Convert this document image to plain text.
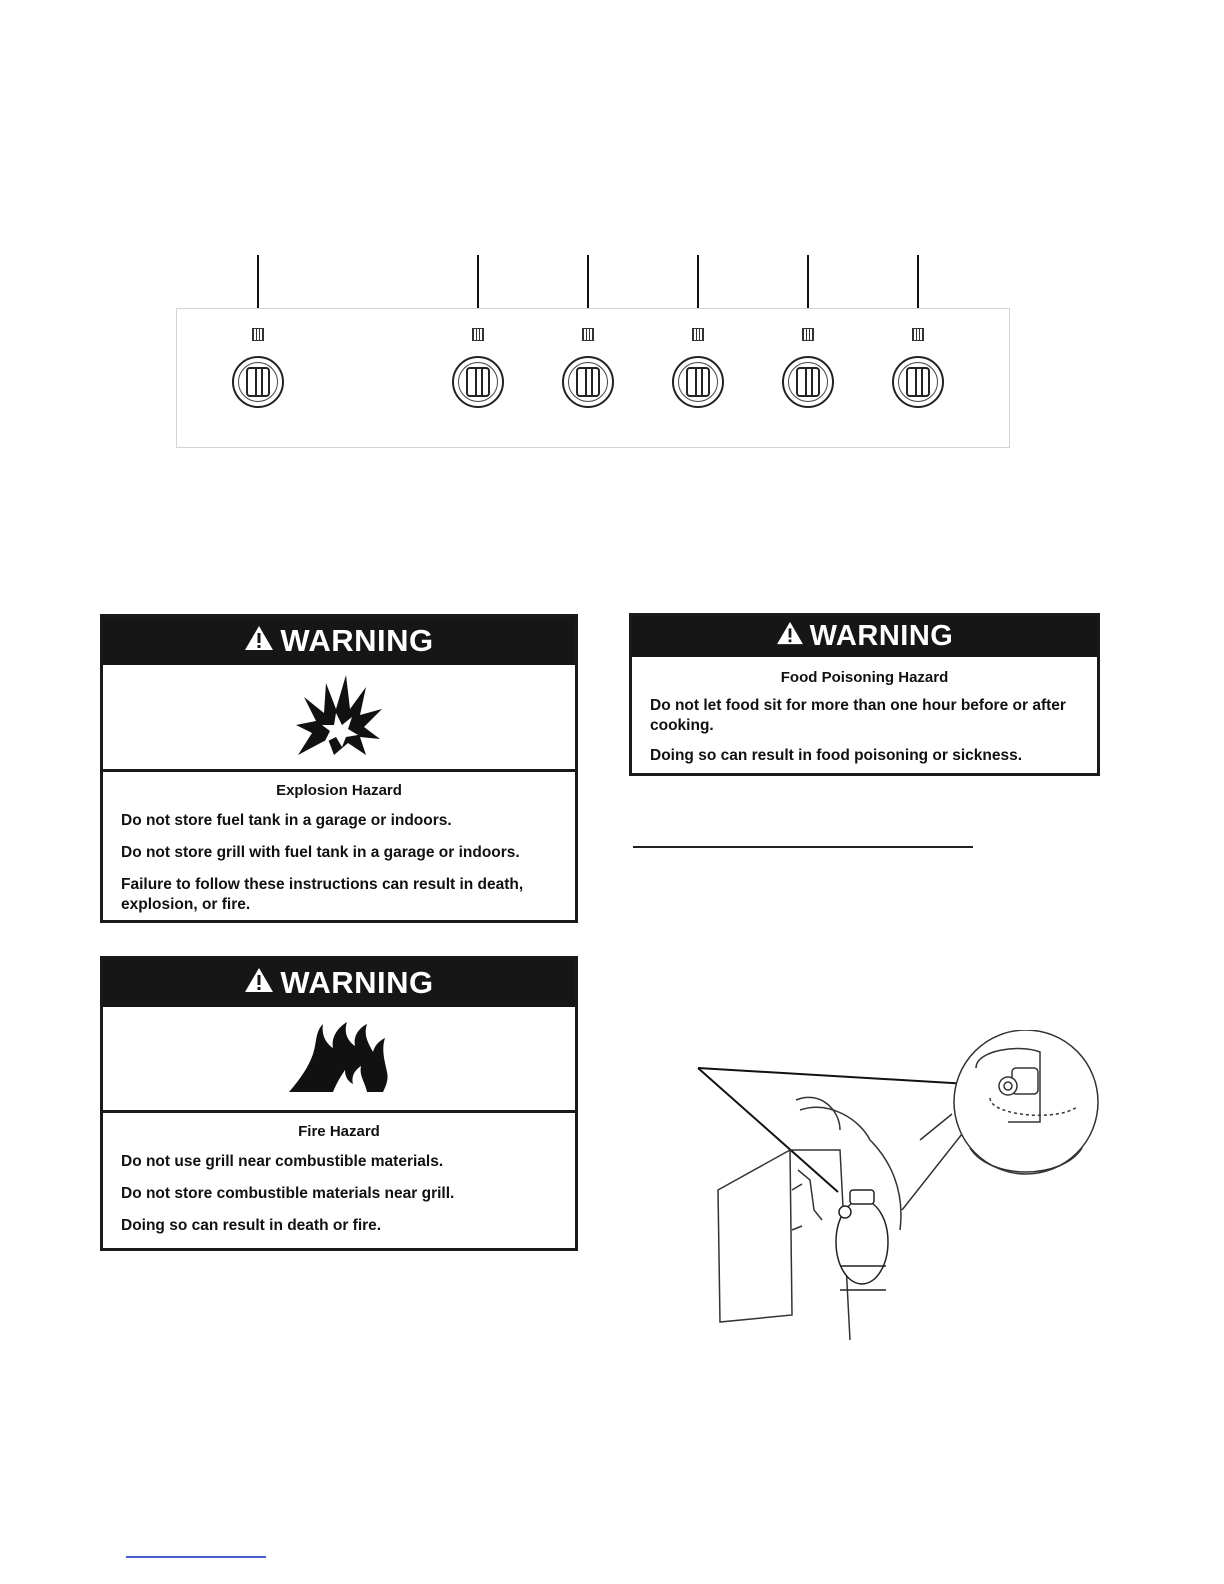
WARNING
Explosion Hazard

Do not store fuel tank in a garage or indoors.

Do not store grill with fuel tank in a garage or indoors.

Failure to follow these instructions can result in death, explosion, or fire.

WARNING
Fire Hazard

Do not use grill near combustible materials.

Do not store combustible materials near grill.

Doing so can result in death or fire.

WARNING
Food Poisoning Hazard

Do not let food sit for more than one hour before or after cooking.

Doing so can result in food poisoning or sickness.
